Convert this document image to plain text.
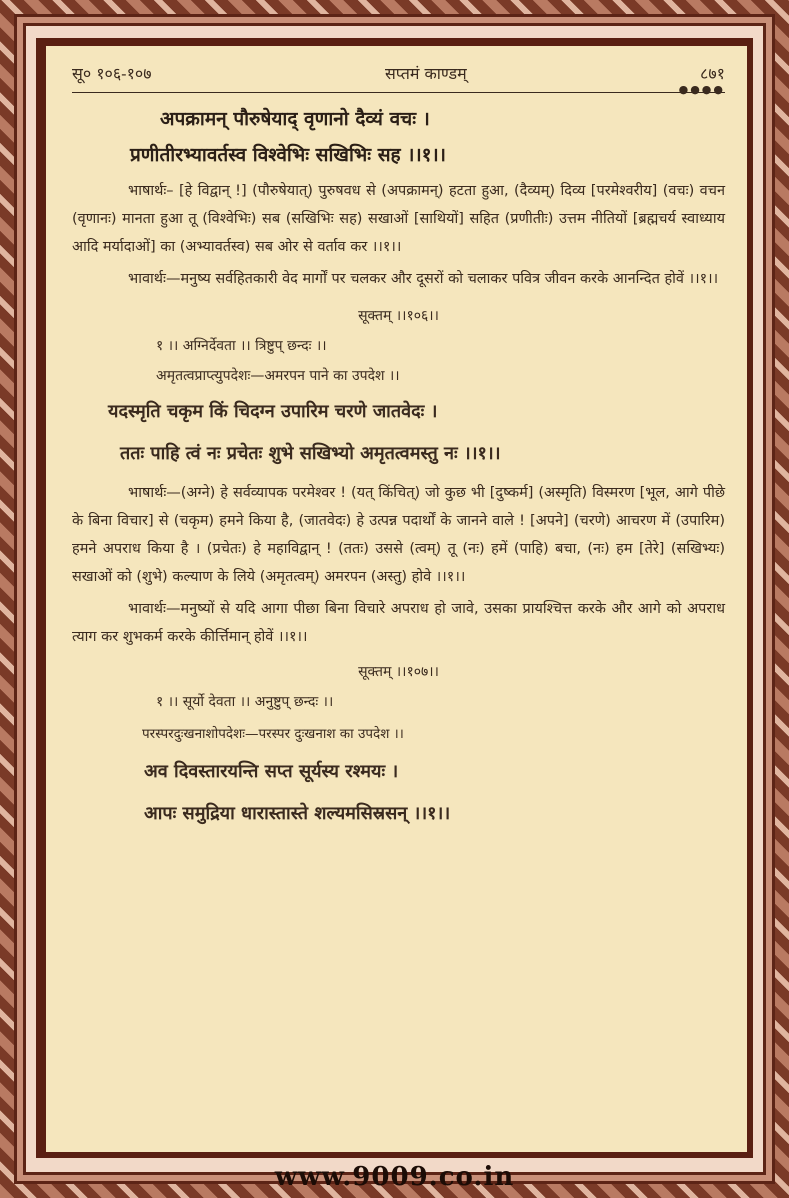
सू० १०६-१०७	सप्तमं काण्डम्	८७१
●●●●

अपक्रामन् पौरुषेयाद् वृणानो दैव्यं वचः ।

प्रणीतीरभ्यावर्तस्व विश्वेभिः सखिभिः सह ।।१।।

भाषार्थः– [हे विद्वान् !] (पौरुषेयात्) पुरुषवध से (अपक्रामन्) हटता हुआ, (दैव्यम्) दिव्य [परमेश्वरीय] (वचः) वचन (वृणानः) मानता हुआ तू (विश्वेभिः) सब (सखिभिः सह) सखाओं [साथियों] सहित (प्रणीतीः) उत्तम नीतियों [ब्रह्मचर्य स्वाध्याय आदि मर्यादाओं] का (अभ्यावर्तस्व) सब ओर से वर्ताव कर ।।१।।

भावार्थः—मनुष्य सर्वहितकारी वेद मार्गों पर चलकर और दूसरों को चलाकर पवित्र जीवन करके आनन्दित होवें ।।१।।

सूक्तम् ।।१०६।।

१ ।। अग्निर्देवता ।। त्रिष्टुप् छन्दः ।।

अमृतत्वप्राप्त्युपदेशः—अमरपन पाने का उपदेश ।।

यदस्मृति चकृम किं चिदग्न उपारिम चरणे जातवेदः ।

ततः पाहि त्वं नः प्रचेतः शुभे सखिभ्यो अमृतत्वमस्तु नः ।।१।।

भाषार्थः—(अग्ने) हे सर्वव्यापक परमेश्वर ! (यत् किंचित्) जो कुछ भी [दुष्कर्म] (अस्मृति) विस्मरण [भूल, आगे पीछे के बिना विचार] से (चकृम) हमने किया है, (जातवेदः) हे उत्पन्न पदार्थों के जानने वाले ! [अपने] (चरणे) आचरण में (उपारिम) हमने अपराध किया है । (प्रचेतः) हे महाविद्वान् ! (ततः) उससे (त्वम्) तू (नः) हमें (पाहि) बचा, (नः) हम [तेरे] (सखिभ्यः) सखाओं को (शुभे) कल्याण के लिये (अमृतत्वम्) अमरपन (अस्तु) होवे ।।१।।

भावार्थः—मनुष्यों से यदि आगा पीछा बिना विचारे अपराध हो जावे, उसका प्रायश्चित्त करके और आगे को अपराध त्याग कर शुभकर्म करके कीर्त्तिमान् होवें ।।१।।

सूक्तम् ।।१०७।।

१ ।। सूर्यो देवता ।। अनुष्टुप् छन्दः ।।

परस्परदुःखनाशोपदेशः—परस्पर दुःखनाश का उपदेश ।।

अव दिवस्तारयन्ति सप्त सूर्यस्य रश्मयः ।

आपः समुद्रिया धारास्तास्ते शल्यमसिस्रसन् ।।१।।

www.9009.co.in
